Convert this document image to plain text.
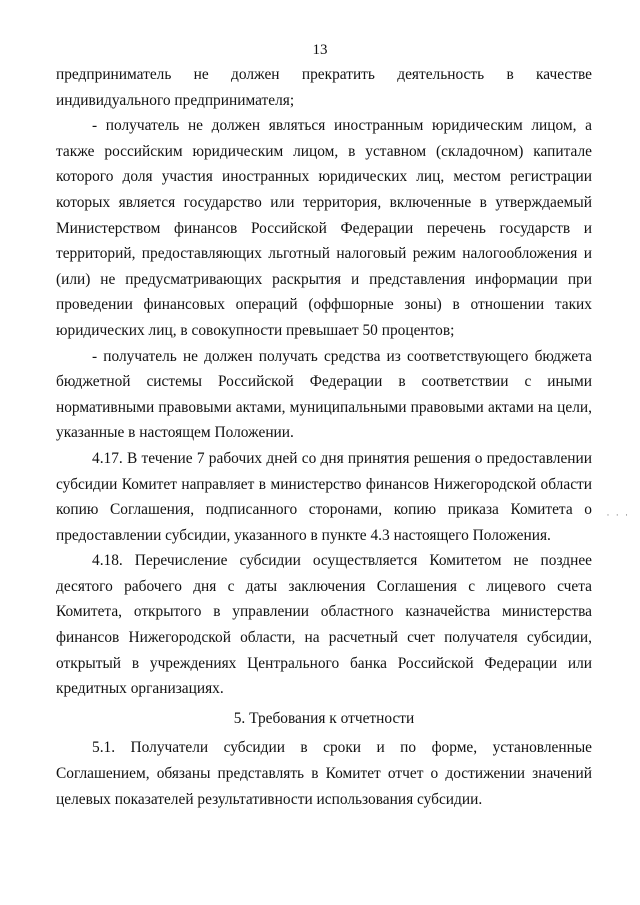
13

предприниматель не должен прекратить деятельность в качестве индивидуального предпринимателя;

- получатель не должен являться иностранным юридическим лицом, а также российским юридическим лицом, в уставном (складочном) капитале которого доля участия иностранных юридических лиц, местом регистрации которых является государство или территория, включенные в утверждаемый Министерством финансов Российской Федерации перечень государств и территорий, предоставляющих льготный налоговый режим налогообложения и (или) не предусматривающих раскрытия и представления информации при проведении финансовых операций (оффшорные зоны) в отношении таких юридических лиц, в совокупности превышает 50 процентов;

- получатель не должен получать средства из соответствующего бюджета бюджетной системы Российской Федерации в соответствии с иными нормативными правовыми актами, муниципальными правовыми актами на цели, указанные в настоящем Положении.

4.17. В течение 7 рабочих дней со дня принятия решения о предоставлении субсидии Комитет направляет в министерство финансов Нижегородской области копию Соглашения, подписанного сторонами, копию приказа Комитета о предоставлении субсидии, указанного в пункте 4.3 настоящего Положения.

4.18. Перечисление субсидии осуществляется Комитетом не позднее десятого рабочего дня с даты заключения Соглашения с лицевого счета Комитета, открытого в управлении областного казначейства министерства финансов Нижегородской области, на расчетный счет получателя субсидии, открытый в учреждениях Центрального банка Российской Федерации или кредитных организациях.

5. Требования к отчетности

5.1. Получатели субсидии в сроки и по форме, установленные Соглашением, обязаны представлять в Комитет отчет о достижении значений целевых показателей результативности использования субсидии.

· · ·
